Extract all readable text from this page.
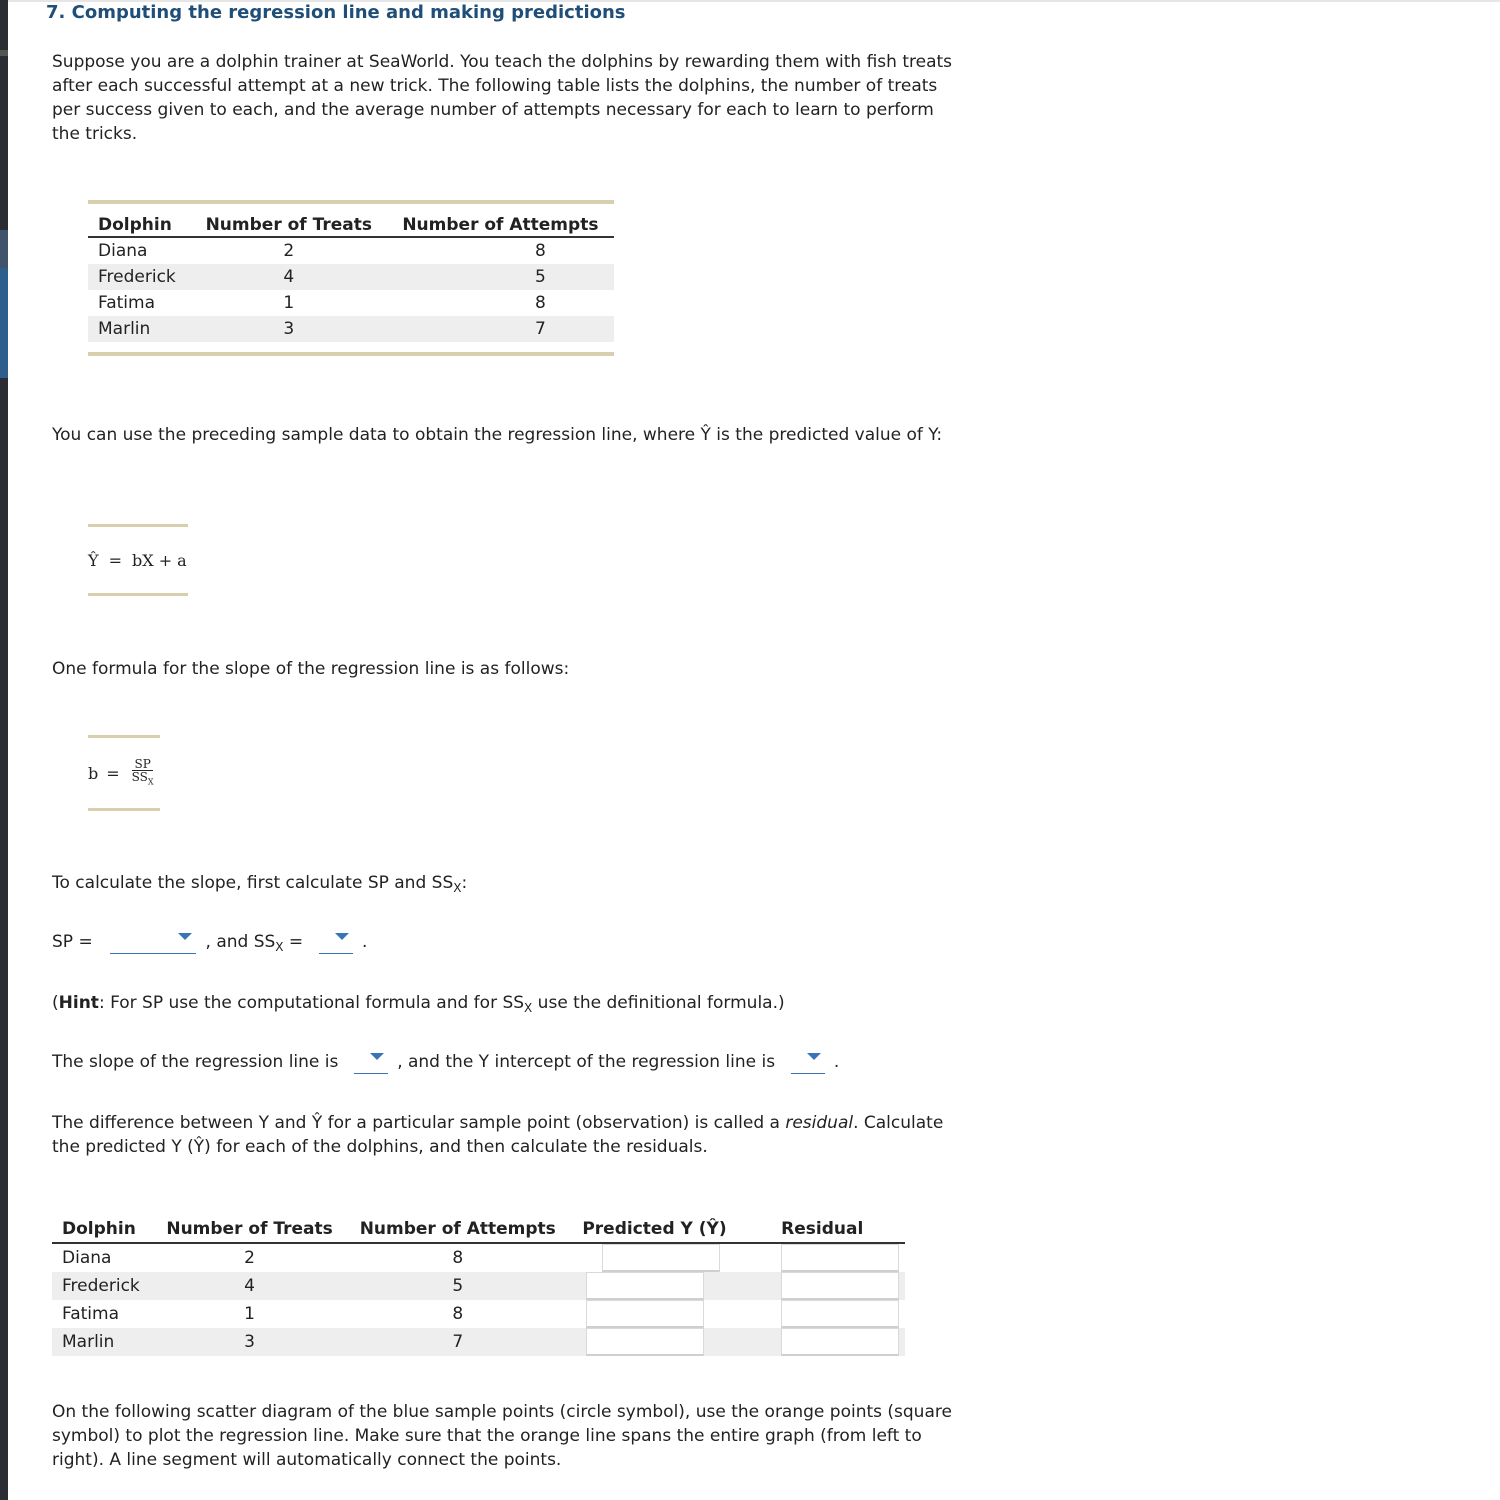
7. Computing the regression line and making predictions

Suppose you are a dolphin trainer at SeaWorld. You teach the dolphins by rewarding them with fish treats after each successful attempt at a new trick. The following table lists the dolphins, the number of treats per success given to each, and the average number of attempts necessary for each to learn to perform the tricks.

Dolphin	Number of Treats	Number of Attempts
Diana	2	8
Frederick	4	5
Fatima	1	8
Marlin	3	7

You can use the preceding sample data to obtain the regression line, where Ŷ is the predicted value of Y:

Ŷ = bX + a

One formula for the slope of the regression line is as follows:

$b = \frac{SP}{SS_X}$

To calculate the slope, first calculate SP and $SS_X$:

SP =	, and $SS_X$ =	.

(Hint: For SP use the computational formula and for $SS_X$ use the definitional formula.)

The slope of the regression line is	, and the Y intercept of the regression line is	.

The difference between Y and Ŷ for a particular sample point (observation) is called a residual. Calculate the predicted Y (Ŷ) for each of the dolphins, and then calculate the residuals.

Dolphin	Number of Treats	Number of Attempts	Predicted Y (Ŷ)	Residual
Diana	2	8	

Frederick	4	5	

Fatima	1	8	

Marlin	3	7	

On the following scatter diagram of the blue sample points (circle symbol), use the orange points (square symbol) to plot the regression line. Make sure that the orange line spans the entire graph (from left to right). A line segment will automatically connect the points.
